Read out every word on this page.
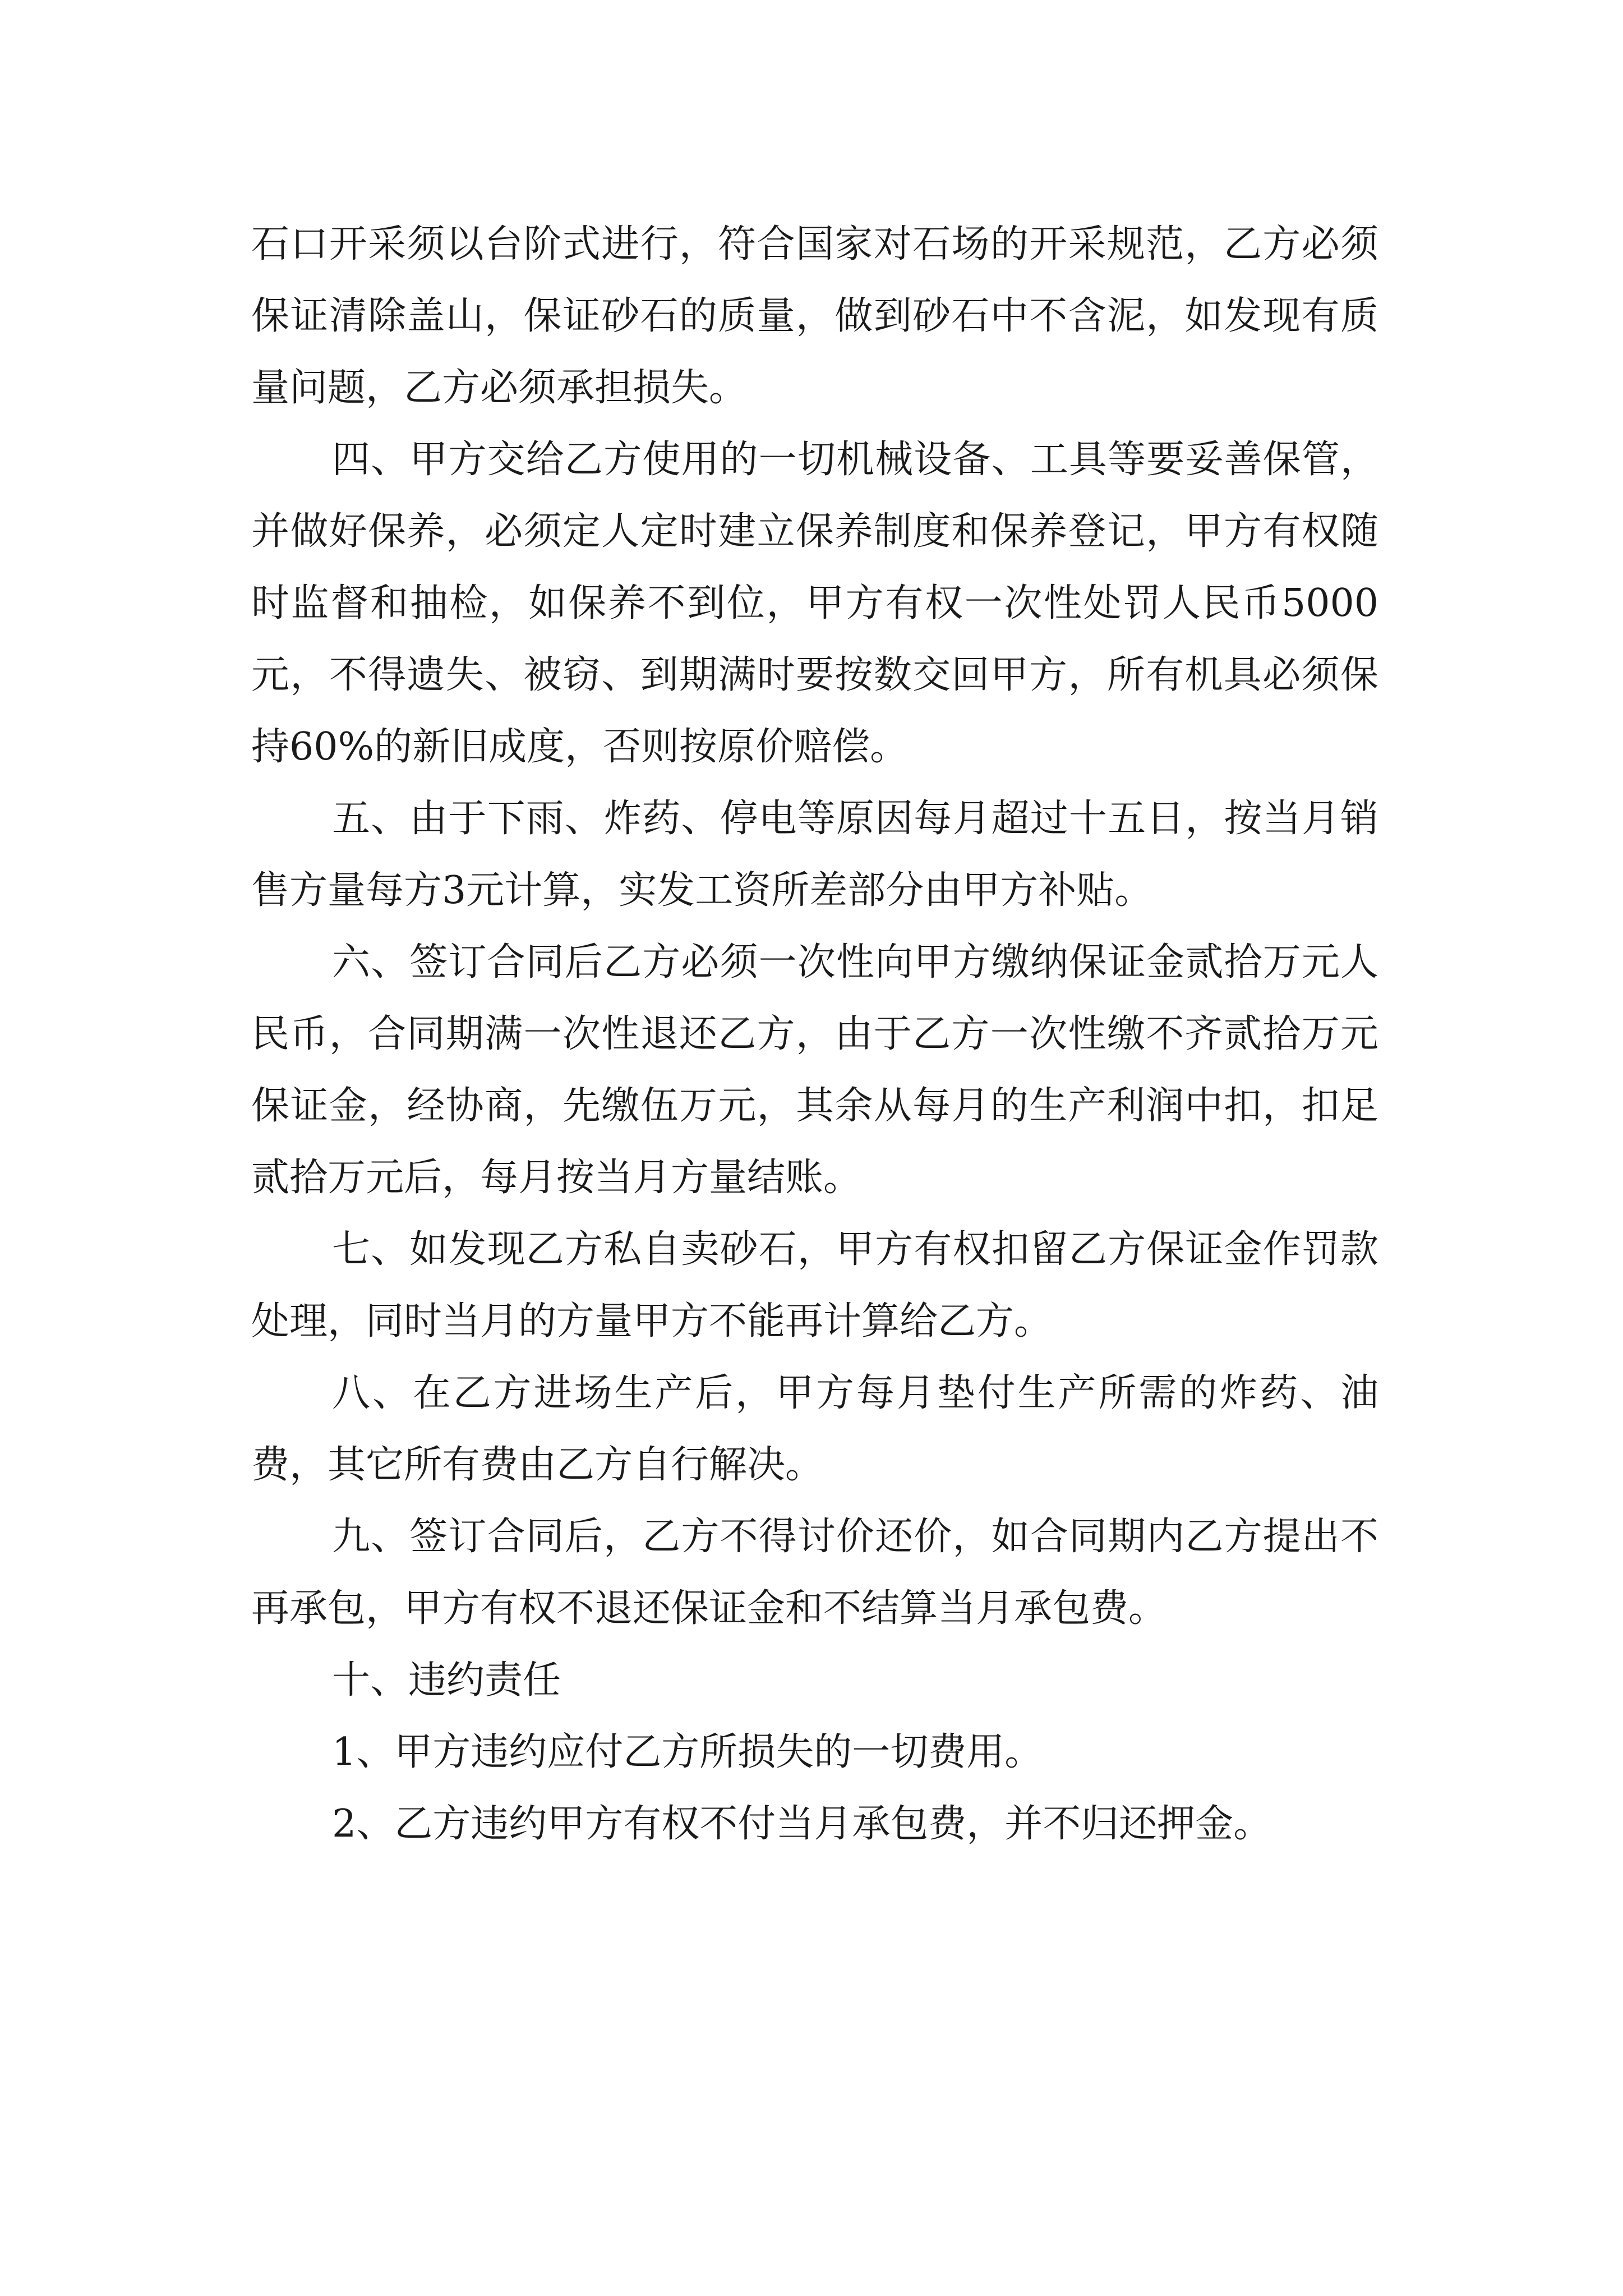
石口开采须以台阶式进行，符合国家对石场的开采规范，乙方必须保证清除盖山，保证砂石的质量，做到砂石中不含泥，如发现有质量问题，乙方必须承担损失。

四、甲方交给乙方使用的一切机械设备、工具等要妥善保管，并做好保养，必须定人定时建立保养制度和保养登记，甲方有权随时监督和抽检，如保养不到位，甲方有权一次性处罚人民币5000元，不得遗失、被窃、到期满时要按数交回甲方，所有机具必须保持60%的新旧成度，否则按原价赔偿。

五、由于下雨、炸药、停电等原因每月超过十五日，按当月销售方量每方3元计算，实发工资所差部分由甲方补贴。

六、签订合同后乙方必须一次性向甲方缴纳保证金贰拾万元人民币，合同期满一次性退还乙方，由于乙方一次性缴不齐贰拾万元保证金，经协商，先缴伍万元，其余从每月的生产利润中扣，扣足贰拾万元后，每月按当月方量结账。

七、如发现乙方私自卖砂石，甲方有权扣留乙方保证金作罚款处理，同时当月的方量甲方不能再计算给乙方。

八、在乙方进场生产后，甲方每月垫付生产所需的炸药、油费，其它所有费由乙方自行解决。

九、签订合同后，乙方不得讨价还价，如合同期内乙方提出不再承包，甲方有权不退还保证金和不结算当月承包费。

十、违约责任

1、甲方违约应付乙方所损失的一切费用。

2、乙方违约甲方有权不付当月承包费，并不归还押金。
